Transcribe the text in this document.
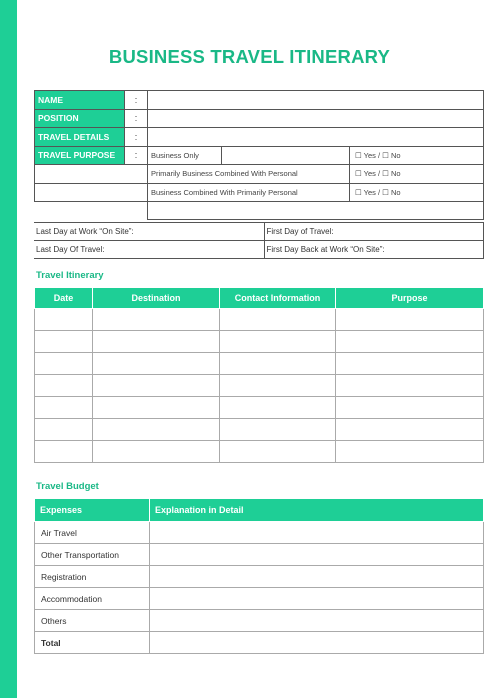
BUSINESS TRAVEL ITINERARY
NAME	:			
POSITION	:			
TRAVEL DETAILS	:			
TRAVEL PURPOSE	:	Business Only		☐ Yes / ☐ No
		Primarily Business Combined With Personal		☐ Yes / ☐ No
		Business Combined With Primarily Personal		☐ Yes / ☐ No

Last Day at Work “On Site”:	First Day of Travel:
Last Day Of Travel:	First Day Back at Work “On Site”:
Travel Itinerary
Date	Destination	Contact Information	Purpose

Travel Budget
Expenses	Explanation in Detail
Air Travel	
Other Transportation	
Registration	
Accommodation	
Others	
Total	
